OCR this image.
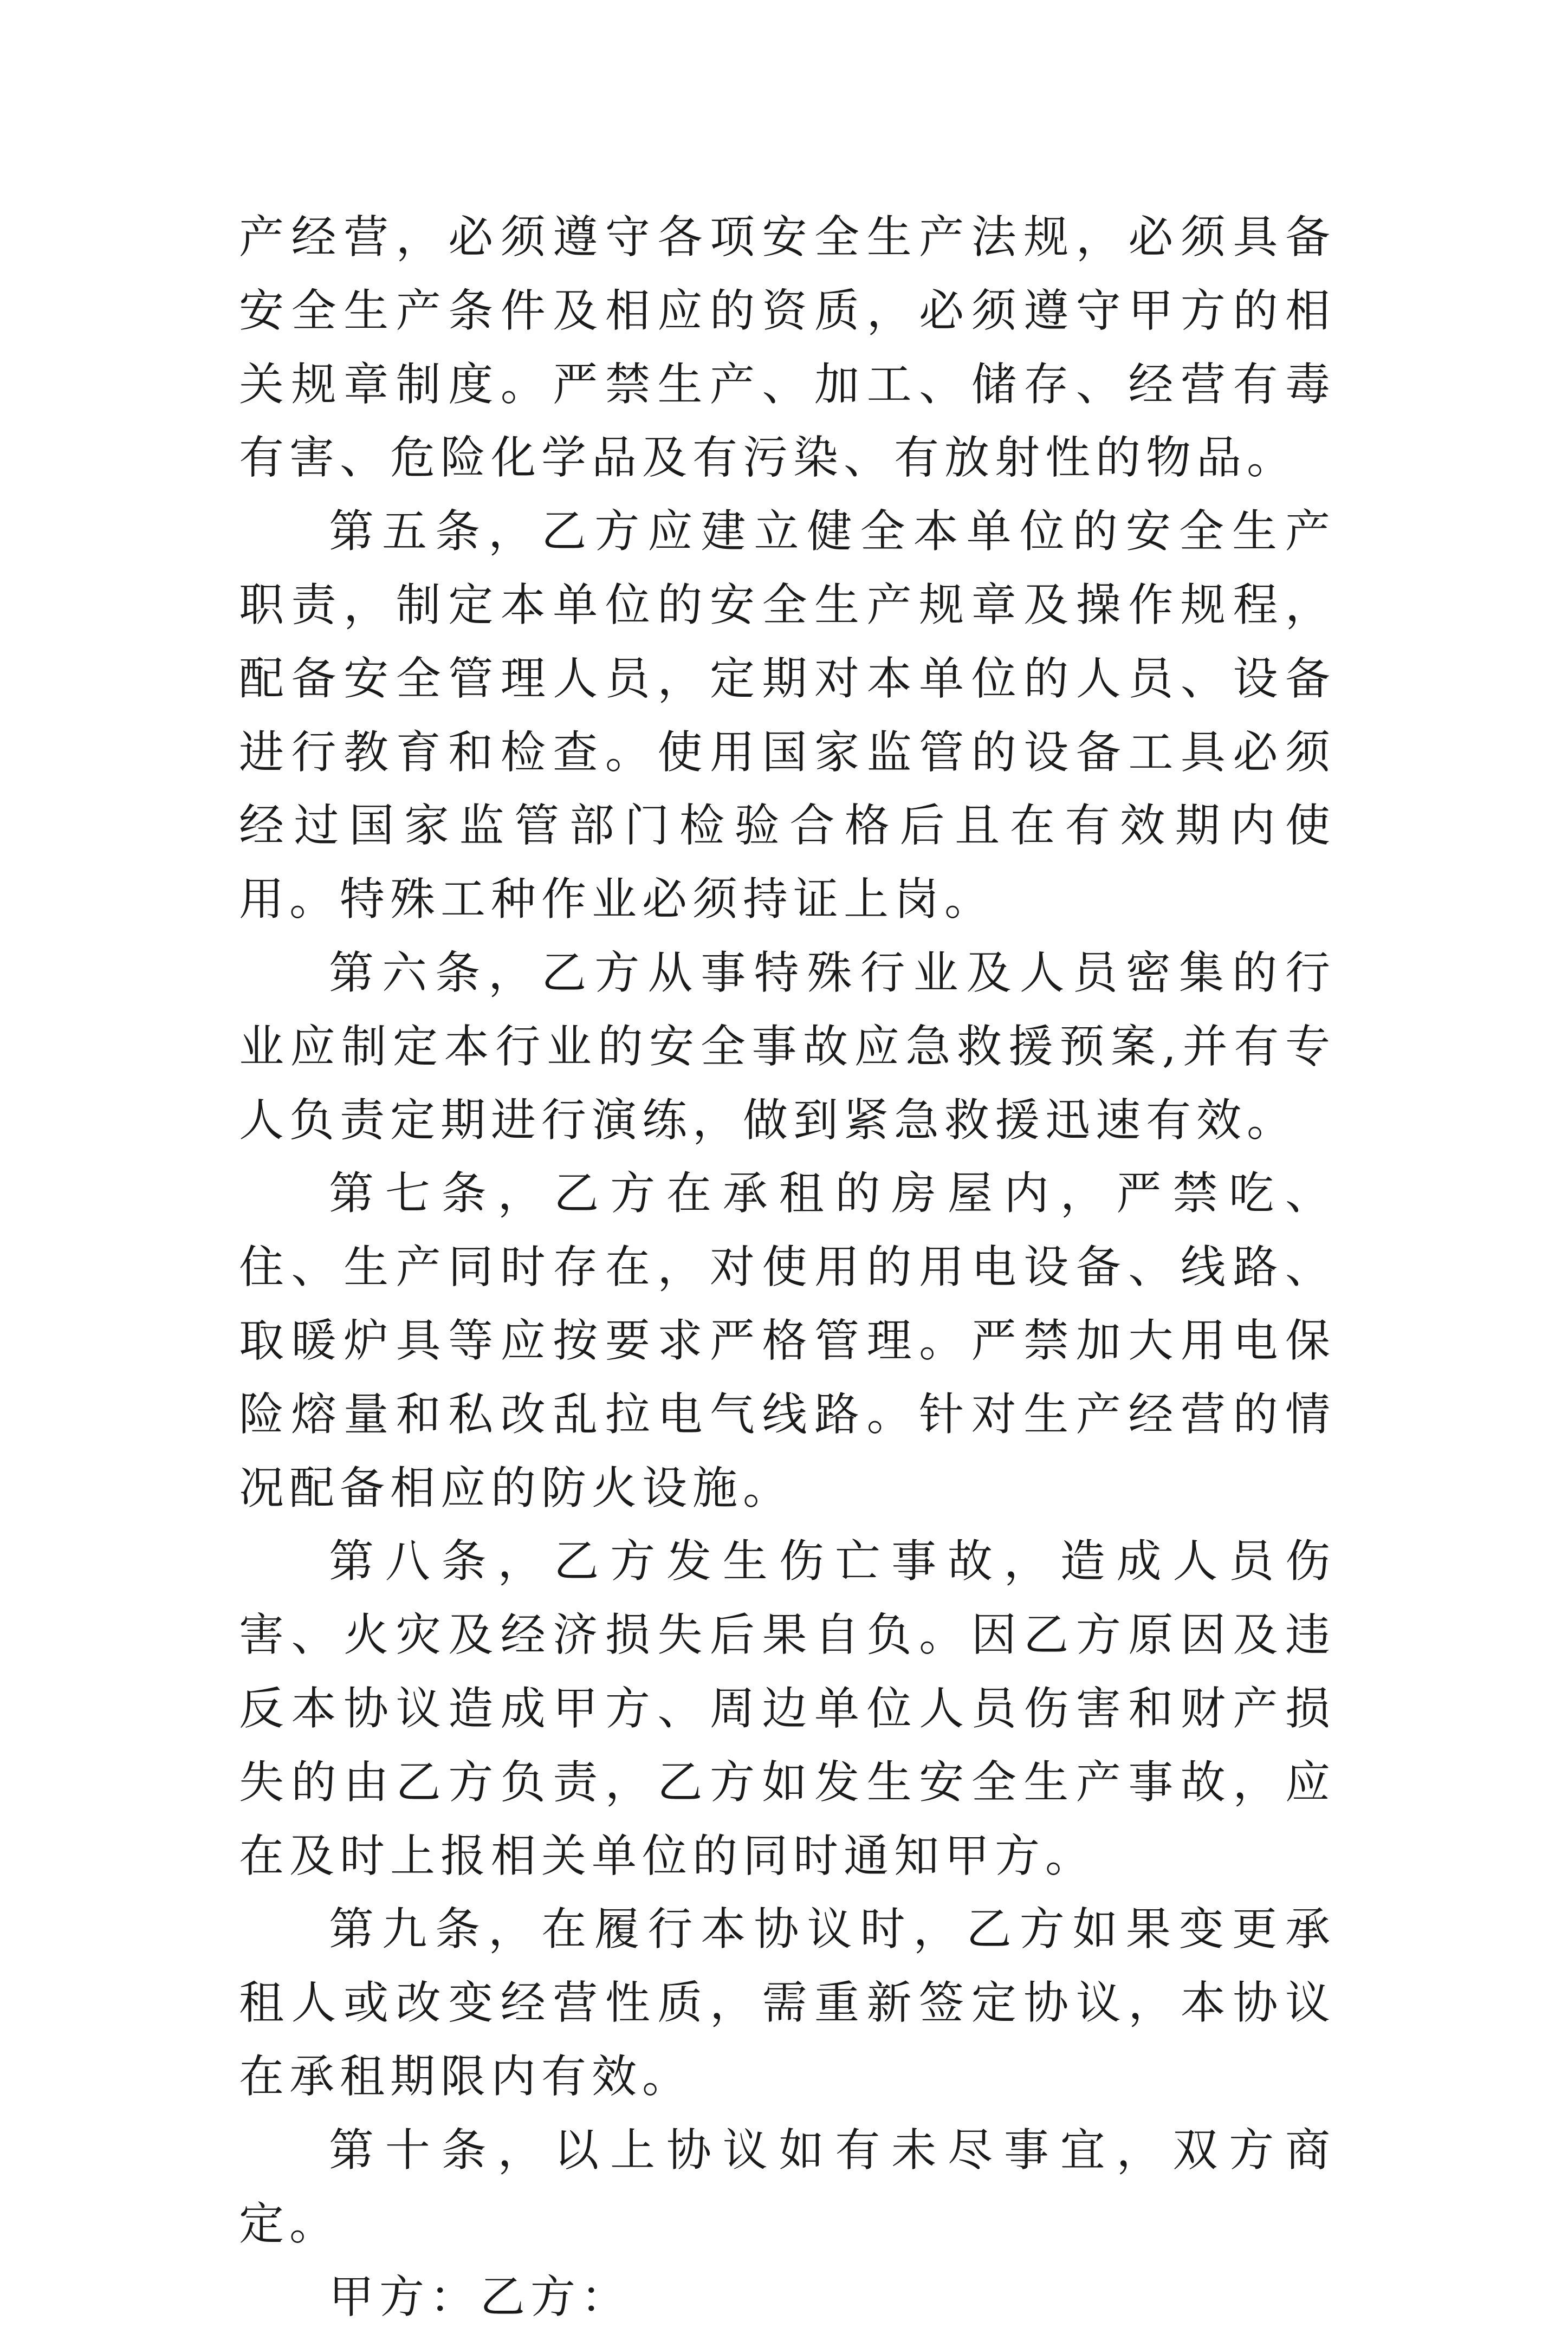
产经营，必须遵守各项安全生产法规，必须具备安全生产条件及相应的资质，必须遵守甲方的相关规章制度。严禁生产、加工、储存、经营有毒有害、危险化学品及有污染、有放射性的物品。

第五条，乙方应建立健全本单位的安全生产职责，制定本单位的安全生产规章及操作规程，配备安全管理人员，定期对本单位的人员、设备进行教育和检查。使用国家监管的设备工具必须经过国家监管部门检验合格后且在有效期内使用。特殊工种作业必须持证上岗。

第六条，乙方从事特殊行业及人员密集的行业应制定本行业的安全事故应急救援预案,并有专人负责定期进行演练，做到紧急救援迅速有效。

第七条，乙方在承租的房屋内，严禁吃、住、生产同时存在，对使用的用电设备、线路、取暖炉具等应按要求严格管理。严禁加大用电保险熔量和私改乱拉电气线路。针对生产经营的情况配备相应的防火设施。

第八条，乙方发生伤亡事故，造成人员伤害、火灾及经济损失后果自负。因乙方原因及违反本协议造成甲方、周边单位人员伤害和财产损失的由乙方负责，乙方如发生安全生产事故，应在及时上报相关单位的同时通知甲方。

第九条，在履行本协议时，乙方如果变更承租人或改变经营性质，需重新签定协议，本协议在承租期限内有效。

第十条，以上协议如有未尽事宜，双方商定。

甲方：乙方：
